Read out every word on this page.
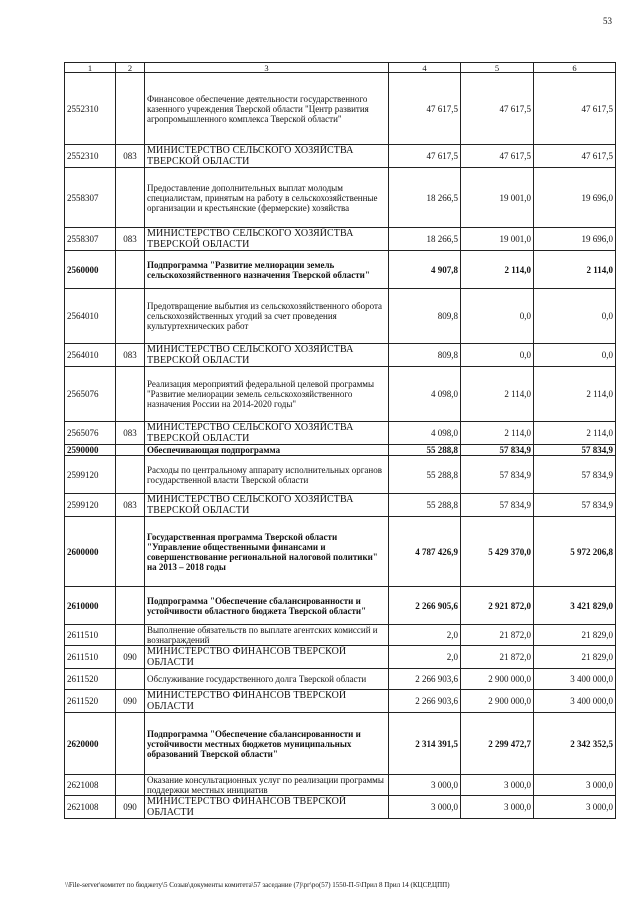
53
1	2	3	4	5	6
2552310		Финансовое обеспечение деятельности государственного казенного учреждения Тверской области "Центр развития агропромышленного комплекса Тверской области"	47 617,5	47 617,5	47 617,5
2552310	083	МИНИСТЕРСТВО СЕЛЬСКОГО ХОЗЯЙСТВА ТВЕРСКОЙ ОБЛАСТИ	47 617,5	47 617,5	47 617,5
2558307		Предоставление дополнительных выплат молодым специалистам, принятым на работу в сельскохозяйственные организации и крестьянские (фермерские) хозяйства	18 266,5	19 001,0	19 696,0
2558307	083	МИНИСТЕРСТВО СЕЛЬСКОГО ХОЗЯЙСТВА ТВЕРСКОЙ ОБЛАСТИ	18 266,5	19 001,0	19 696,0
2560000		Подпрограмма "Развитие мелиорации земель сельскохозяйственного назначения Тверской области"	4 907,8	2 114,0	2 114,0
2564010		Предотвращение выбытия из сельскохозяйственного оборота сельскохозяйственных угодий за счет проведения культуртехнических работ	809,8	0,0	0,0
2564010	083	МИНИСТЕРСТВО СЕЛЬСКОГО ХОЗЯЙСТВА ТВЕРСКОЙ ОБЛАСТИ	809,8	0,0	0,0
2565076		Реализация мероприятий федеральной целевой программы "Развитие мелиорации земель сельскохозяйственного назначения России на 2014-2020 годы"	4 098,0	2 114,0	2 114,0
2565076	083	МИНИСТЕРСТВО СЕЛЬСКОГО ХОЗЯЙСТВА ТВЕРСКОЙ ОБЛАСТИ	4 098,0	2 114,0	2 114,0
2590000		Обеспечивающая подпрограмма	55 288,8	57 834,9	57 834,9
2599120		Расходы по центральному аппарату исполнительных органов государственной власти Тверской области	55 288,8	57 834,9	57 834,9
2599120	083	МИНИСТЕРСТВО СЕЛЬСКОГО ХОЗЯЙСТВА ТВЕРСКОЙ ОБЛАСТИ	55 288,8	57 834,9	57 834,9
2600000		Государственная программа Тверской области "Управление общественными финансами и совершенствование региональной налоговой политики" на 2013 – 2018 годы	4 787 426,9	5 429 370,0	5 972 206,8
2610000		Подпрограмма "Обеспечение сбалансированности и устойчивости областного бюджета Тверской области"	2 266 905,6	2 921 872,0	3 421 829,0
2611510		Выполнение обязательств по выплате агентских комиссий и вознаграждений	2,0	21 872,0	21 829,0
2611510	090	МИНИСТЕРСТВО ФИНАНСОВ ТВЕРСКОЙ ОБЛАСТИ	2,0	21 872,0	21 829,0
2611520		Обслуживание государственного долга Тверской области	2 266 903,6	2 900 000,0	3 400 000,0
2611520	090	МИНИСТЕРСТВО ФИНАНСОВ ТВЕРСКОЙ ОБЛАСТИ	2 266 903,6	2 900 000,0	3 400 000,0
2620000		Подпрограмма "Обеспечение сбалансированности и устойчивости местных бюджетов муниципальных образований Тверской области"	2 314 391,5	2 299 472,7	2 342 352,5
2621008		Оказание консультационных услуг по реализации программы поддержки местных инициатив	3 000,0	3 000,0	3 000,0
2621008	090	МИНИСТЕРСТВО ФИНАНСОВ ТВЕРСКОЙ ОБЛАСТИ	3 000,0	3 000,0	3 000,0
\\File-server\комитет по бюджету\5 Созыв\документы комитета\57 заседание (7)\рг\ро(57) 1550-П-5\Прил 8 Прил 14 (КЦСР,ЦПП)
